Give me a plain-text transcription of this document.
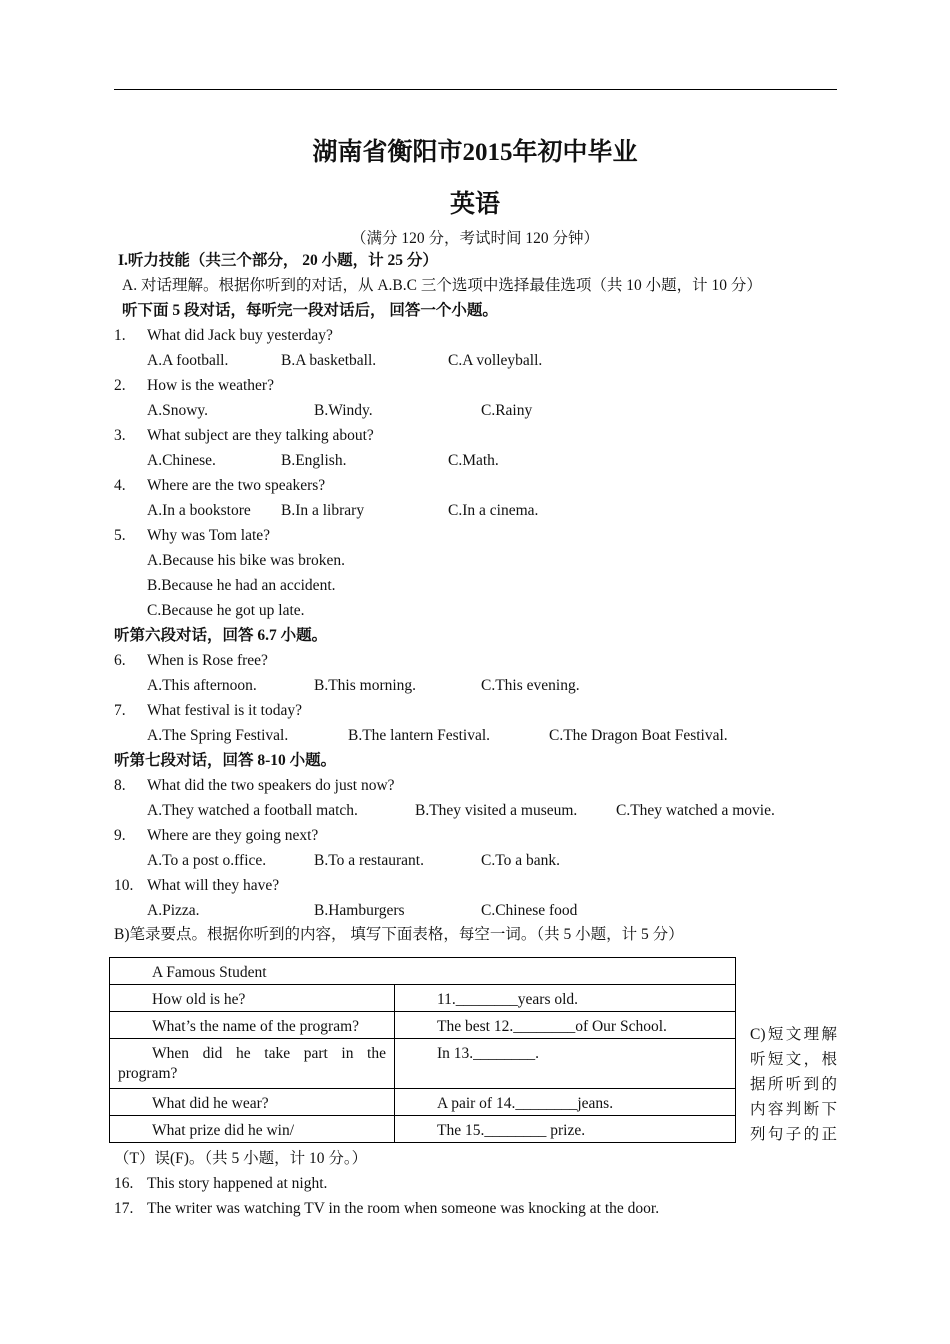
湖南省衡阳市2015年初中毕业
英语
（满分 120 分，考试时间 120 分钟）
I.听力技能（共三个部分， 20 小题，计 25 分）
A. 对话理解。根据你听到的对话，从 A.B.C 三个选项中选择最佳选项（共 10 小题，计 10 分）
听下面 5 段对话，每听完一段对话后， 回答一个小题。
1. What did Jack buy yesterday?
A.A football.	B.A basketball.	C.A volleyball.
2. How is the weather?
A.Snowy.	B.Windy.	C.Rainy
3. What subject are they talking about?
A.Chinese.	B.English.	C.Math.
4. Where are the two speakers?
A.In a bookstore B.In a library	C.In a cinema.
5. Why was Tom late?
A.Because his bike was broken.
B.Because he had an accident.
C.Because he got up late.
听第六段对话，回答 6.7 小题。
6. When is Rose free?
A.This afternoon.	B.This morning.	C.This evening.
7. What festival is it today?
A.The Spring Festival.	B.The lantern Festival.	C.The Dragon Boat Festival.
听第七段对话，回答 8-10 小题。
8. What did the two speakers do just now?
A.They watched a football match.	B.They visited a museum. C.They watched a movie.
9. Where are they going next?
A.To a post o.ffice.	B.To a restaurant.	C.To a bank.
10. What will they have?
A.Pizza.	B.Hamburgers	C.Chinese food
B)笔录要点。根据你听到的内容， 填写下面表格，每空一词。（共 5 小题，计 5 分）
A Famous Student	
How old is he?	11.________years old.
What’s the name of the program?	The best 12.________of Our School.

When did he take part in the
program?	In 13.________.
What did he wear?	A pair of 14.________jeans.
What prize did he win/	The 15.________ prize.
C)短文理解听短文，根据所听到的内容判断下列句子的正
（T）误(F)。（共 5 小题，计 10 分。）
16. This story happened at night.
17. The writer was watching TV in the room when someone was knocking at the door.
